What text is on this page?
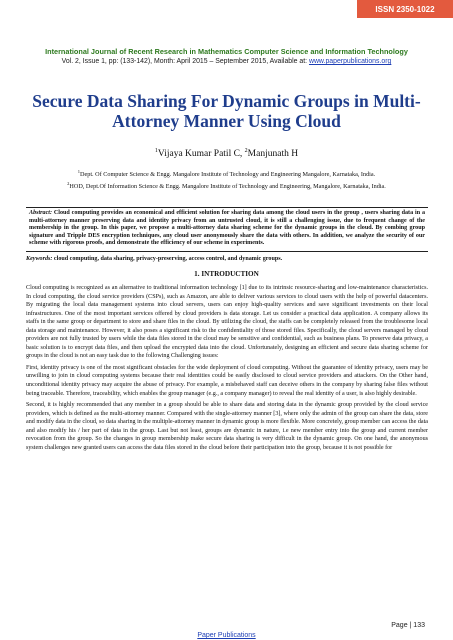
ISSN 2350-1022
International Journal of Recent Research in Mathematics Computer Science and Information Technology
Vol. 2, Issue 1, pp: (133-142), Month: April 2015 – September 2015, Available at: www.paperpublications.org
Secure Data Sharing For Dynamic Groups in Multi-Attorney Manner Using Cloud
$^1$Vijaya Kumar Patil C, $^2$Manjunath H
$^1$Dept. Of Computer Science & Engg. Mangalore Institute of Technology and Engineering Mangalore, Karnataka, India.
$^2$HOD, Dept.Of Information Science & Engg. Mangalore Institute of Technology and Engineering, Mangalore, Karnataka, India.
Abstract: Cloud computing provides an economical and efficient solution for sharing data among the cloud users in the group , users sharing data in a multi-attorney manner preserving data and identity privacy from an untrusted cloud, it is still a challenging issue, due to frequent change of the membership in the group. In this paper, we propose a multi-attorney data sharing scheme for the dynamic groups in the cloud. By combing group signature and Tripple DES encryption techniques, any cloud user anonymously share the data with others. In addition, we analyze the security of our scheme with rigorous proofs, and demonstrate the efficiency of our scheme in experiments.
Keywords: cloud computing, data sharing, privacy-preserving, access control, and dynamic groups.
1. INTRODUCTION

Cloud computing is recognized as an alternative to traditional information technology [1] due to its intrinsic resource-sharing and low-maintenance characteristics. In cloud computing, the cloud service providers (CSPs), such as Amazon, are able to deliver various services to cloud users with the help of powerful datacenters. By migrating the local data management systems into cloud servers, users can enjoy high-quality services and save significant investments on their local infrastructures. One of the most important services offered by cloud providers is data storage. Let us consider a practical data application. A company allows its staffs in the same group or department to store and share files in the cloud. By utilizing the cloud, the staffs can be completely released from the troublesome local data storage and maintenance. However, it also poses a significant risk to the confidentiality of those stored files. Specifically, the cloud servers managed by cloud providers are not fully trusted by users while the data files stored in the cloud may be sensitive and confidential, such as business plans. To preserve data privacy, a basic solution is to encrypt data files, and then upload the encrypted data into the cloud. Unfortunately, designing an efficient and secure data sharing scheme for groups in the cloud is not an easy task due to the following Challenging issues:

First, identity privacy is one of the most significant obstacles for the wide deployment of cloud computing. Without the guarantee of identity privacy, users may be unwilling to join in cloud computing systems because their real identities could be easily disclosed to cloud service providers and attackers. On the Other hand, unconditional identity privacy may acquire the abuse of privacy. For example, a misbehaved staff can deceive others in the company by sharing false files without being traceable. Therefore, traceability, which enables the group manager (e.g., a company manager) to reveal the real identity of a user, is also highly desirable.

Second, it is highly recommended that any member in a group should be able to share data and storing data in the dynamic group provided by the cloud service providers, which is defined as the multi-attorney manner. Compared with the single-attorney manner [3], where only the admin of the group can share the data, store and modify data in the cloud, so data sharing in the multiple-attorney manner in dynamic group is more flexible. More concretely, group member can access the data and also modify his / her part of data in the group. Last but not least, groups are dynamic in nature, i.e new member entry into the group and current member revocation from the group. So the changes in group membership make secure data sharing is very difficult in the dynamic group. On one hand, the anonymous system challenges new granted users can access the data files stored in the cloud before their participation into the group, because it is not possible for

Page | 133
Paper Publications
